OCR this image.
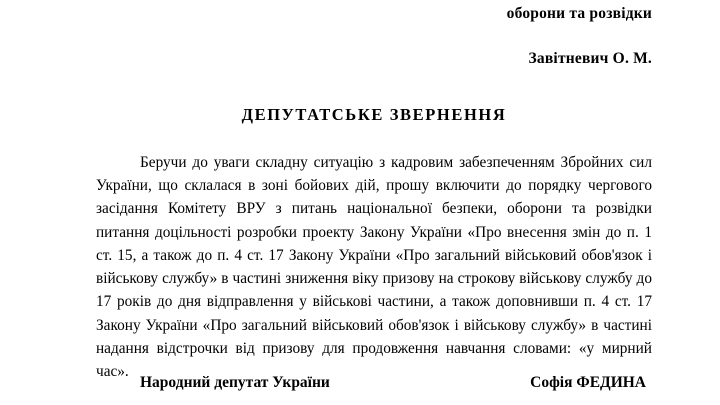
оборони та розвідки
Завітневич О. М.
ДЕПУТАТСЬКЕ ЗВЕРНЕННЯ
Беручи до уваги складну ситуацію з кадровим забезпеченням Збройних сил України, що склалася в зоні бойових дій, прошу включити до порядку чергового засідання Комітету ВРУ з питань національної безпеки, оборони та розвідки питання доцільності розробки проекту Закону України «Про внесення змін до п. 1 ст. 15, а також до п. 4 ст. 17 Закону України «Про загальний військовий обов'язок і військову службу» в частині зниження віку призову на строкову військову службу до 17 років до дня відправлення у військові частини, а також доповнивши п. 4 ст. 17 Закону України «Про загальний військовий обов'язок і військову службу» в частині надання відстрочки від призову для продовження навчання словами: «у мирний час».
Народний депутат України	Софія ФЕДИНА
